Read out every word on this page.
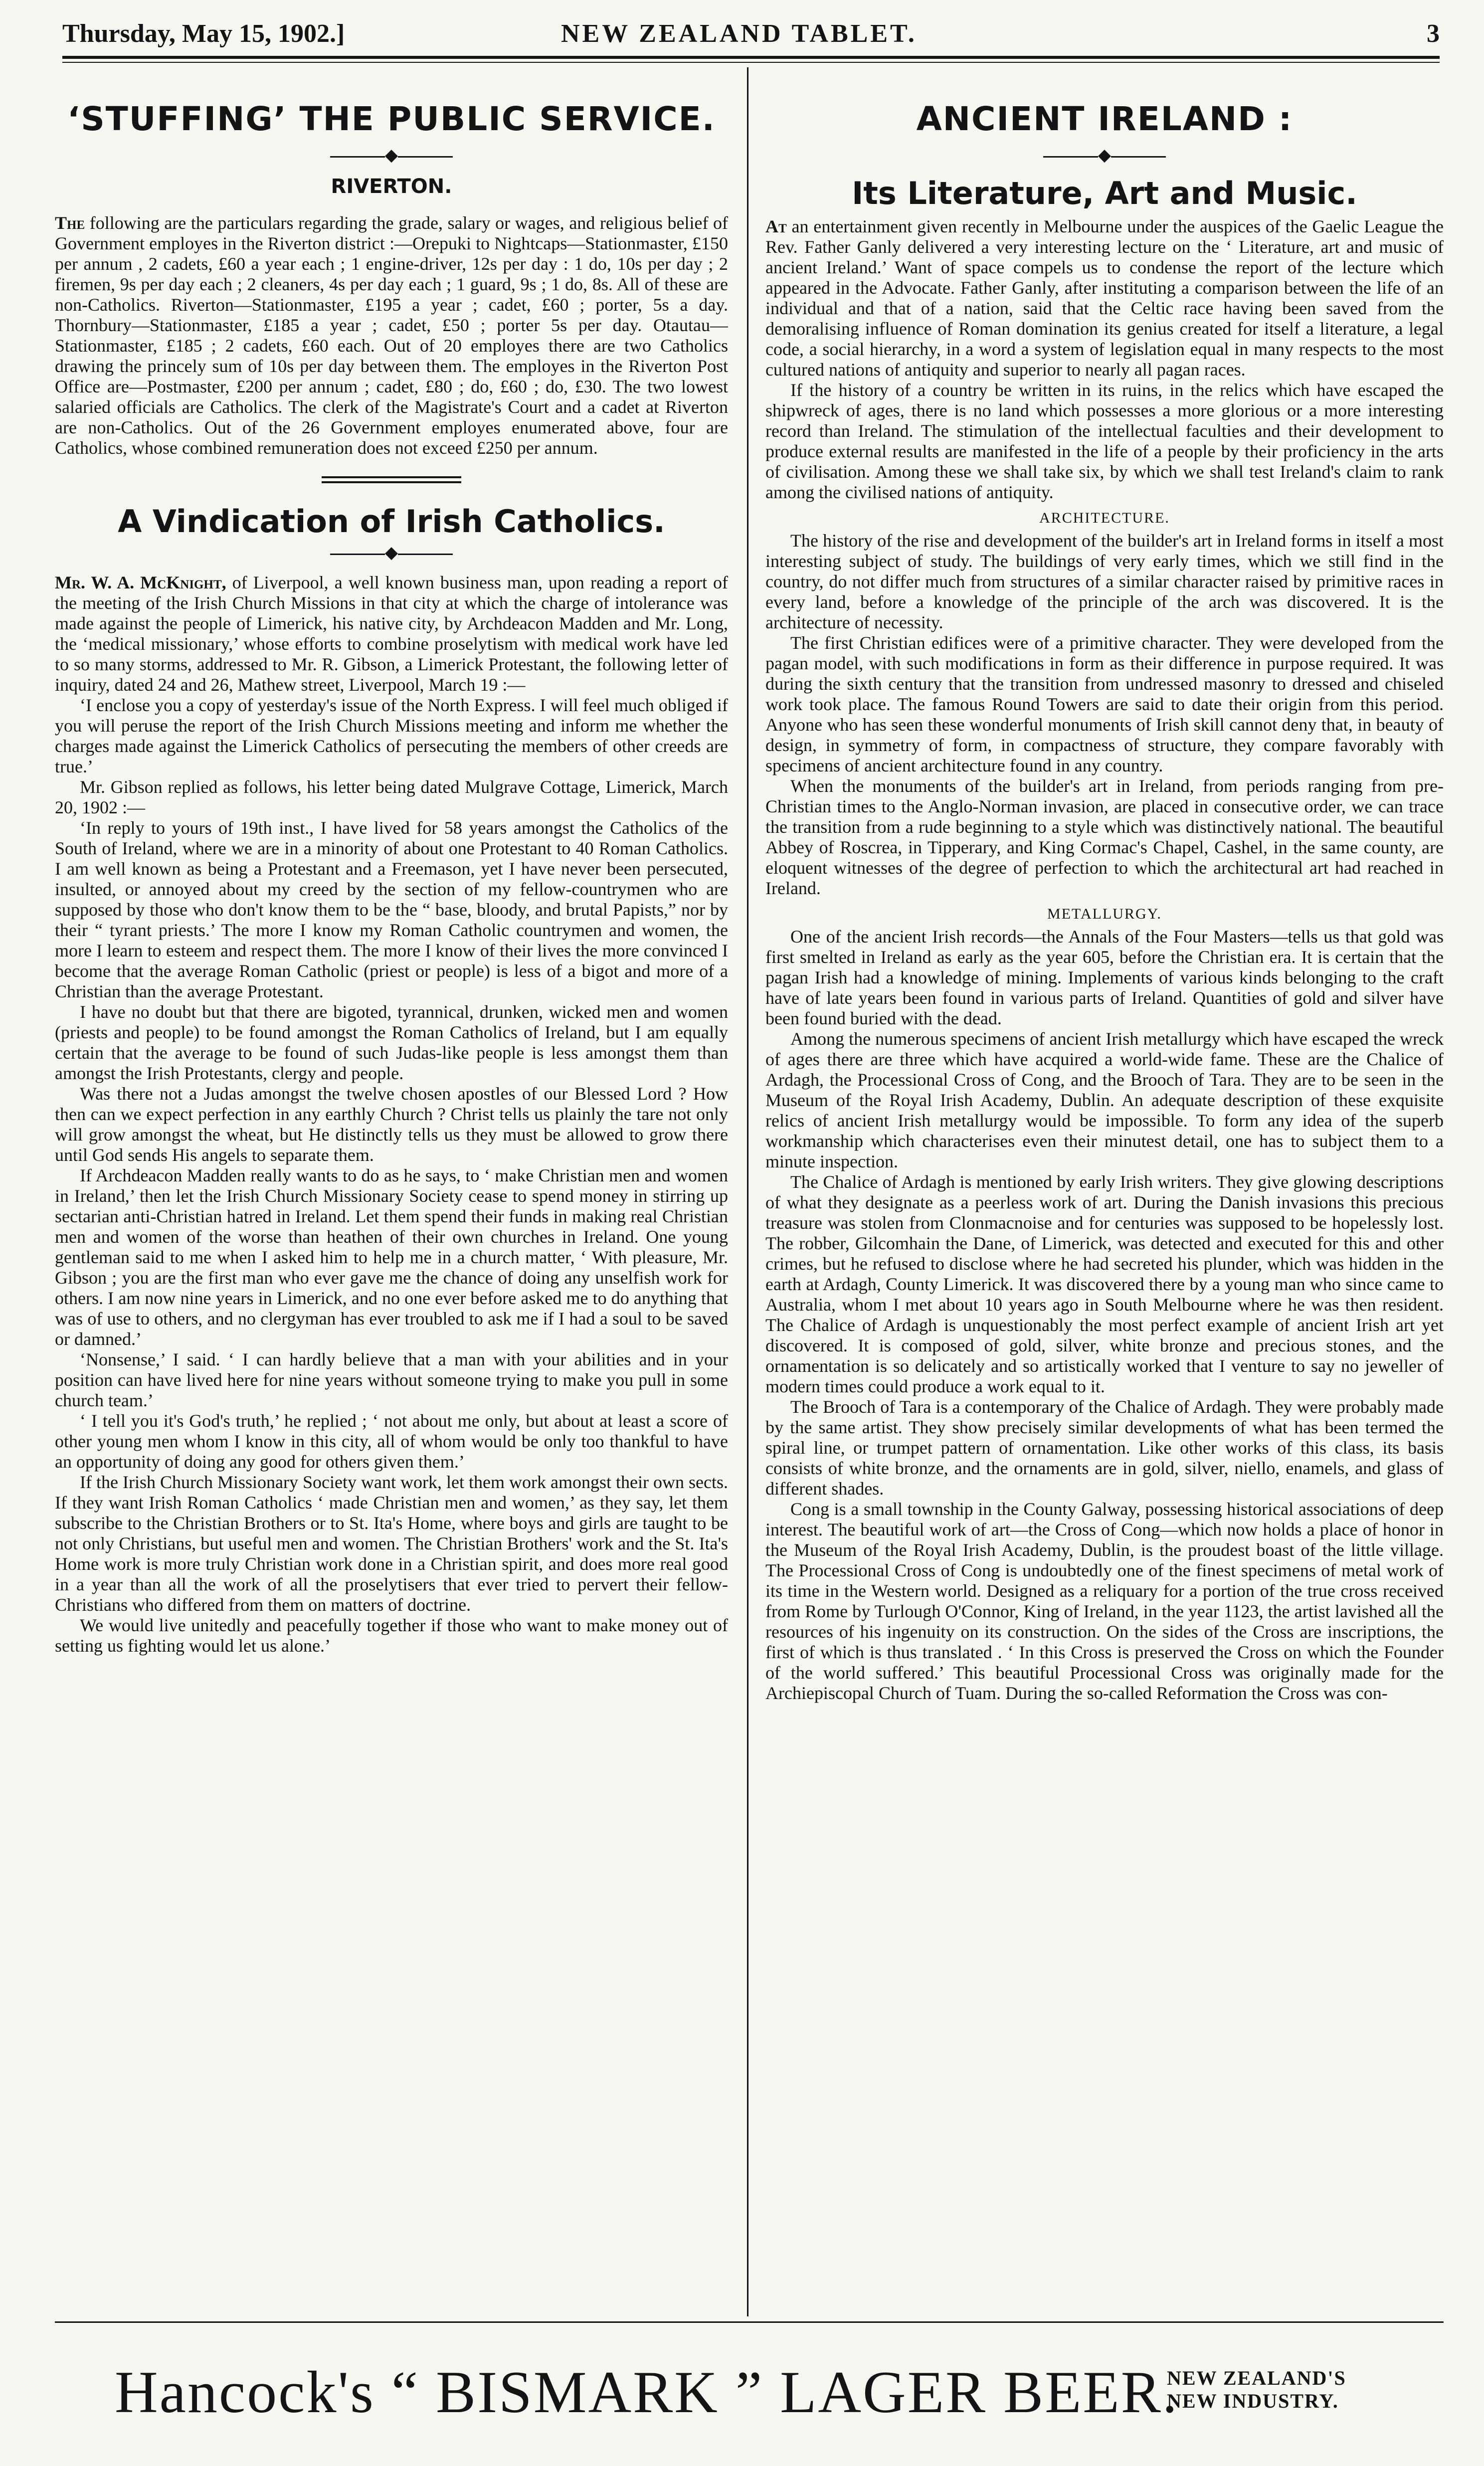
Thursday, May 15, 1902.]	NEW ZEALAND TABLET.	3
‘STUFFING’ THE PUBLIC SERVICE.
◆
RIVERTON.

The following are the particulars regarding the grade, salary or wages, and religious belief of Government employes in the Riverton district :—Orepuki to Nightcaps—Stationmaster, £150 per annum , 2 cadets, £60 a year each ; 1 engine-driver, 12s per day : 1 do, 10s per day ; 2 firemen, 9s per day each ; 2 cleaners, 4s per day each ; 1 guard, 9s ; 1 do, 8s. All of these are non-Catholics. Riverton—Stationmaster, £195 a year ; cadet, £60 ; porter, 5s a day. Thornbury—Stationmaster, £185 a year ; cadet, £50 ; porter 5s per day. Otautau—Stationmaster, £185 ; 2 cadets, £60 each. Out of 20 employes there are two Catholics drawing the princely sum of 10s per day between them. The employes in the Riverton Post Office are—Postmaster, £200 per annum ; cadet, £80 ; do, £60 ; do, £30. The two lowest salaried officials are Catholics. The clerk of the Magistrate's Court and a cadet at Riverton are non-Catholics. Out of the 26 Government employes enumerated above, four are Catholics, whose combined remuneration does not exceed £250 per annum.

A Vindication of Irish Catholics.
◆

Mr. W. A. McKnight, of Liverpool, a well known business man, upon reading a report of the meeting of the Irish Church Missions in that city at which the charge of intolerance was made against the people of Limerick, his native city, by Archdeacon Madden and Mr. Long, the ‘medical missionary,’ whose efforts to combine proselytism with medical work have led to so many storms, addressed to Mr. R. Gibson, a Limerick Protestant, the following letter of inquiry, dated 24 and 26, Mathew street, Liverpool, March 19 :—

‘I enclose you a copy of yesterday's issue of the North Express. I will feel much obliged if you will peruse the report of the Irish Church Missions meeting and inform me whether the charges made against the Limerick Catholics of persecuting the members of other creeds are true.’

Mr. Gibson replied as follows, his letter being dated Mulgrave Cottage, Limerick, March 20, 1902 :—

‘In reply to yours of 19th inst., I have lived for 58 years amongst the Catholics of the South of Ireland, where we are in a minority of about one Protestant to 40 Roman Catholics. I am well known as being a Protestant and a Freemason, yet I have never been persecuted, insulted, or annoyed about my creed by the section of my fellow-countrymen who are supposed by those who don't know them to be the “ base, bloody, and brutal Papists,” nor by their “ tyrant priests.’ The more I know my Roman Catholic countrymen and women, the more I learn to esteem and respect them. The more I know of their lives the more convinced I become that the average Roman Catholic (priest or people) is less of a bigot and more of a Christian than the average Protestant.

I have no doubt but that there are bigoted, tyrannical, drunken, wicked men and women (priests and people) to be found amongst the Roman Catholics of Ireland, but I am equally certain that the average to be found of such Judas-like people is less amongst them than amongst the Irish Protestants, clergy and people.

Was there not a Judas amongst the twelve chosen apostles of our Blessed Lord ? How then can we expect perfection in any earthly Church ? Christ tells us plainly the tare not only will grow amongst the wheat, but He distinctly tells us they must be allowed to grow there until God sends His angels to separate them.

If Archdeacon Madden really wants to do as he says, to ‘ make Christian men and women in Ireland,’ then let the Irish Church Missionary Society cease to spend money in stirring up sectarian anti-Christian hatred in Ireland. Let them spend their funds in making real Christian men and women of the worse than heathen of their own churches in Ireland. One young gentleman said to me when I asked him to help me in a church matter, ‘ With pleasure, Mr. Gibson ; you are the first man who ever gave me the chance of doing any unselfish work for others. I am now nine years in Limerick, and no one ever before asked me to do anything that was of use to others, and no clergyman has ever troubled to ask me if I had a soul to be saved or damned.’

‘Nonsense,’ I said. ‘ I can hardly believe that a man with your abilities and in your position can have lived here for nine years without someone trying to make you pull in some church team.’

‘ I tell you it's God's truth,’ he replied ; ‘ not about me only, but about at least a score of other young men whom I know in this city, all of whom would be only too thankful to have an opportunity of doing any good for others given them.’

If the Irish Church Missionary Society want work, let them work amongst their own sects. If they want Irish Roman Catholics ‘ made Christian men and women,’ as they say, let them subscribe to the Christian Brothers or to St. Ita's Home, where boys and girls are taught to be not only Christians, but useful men and women. The Christian Brothers' work and the St. Ita's Home work is more truly Christian work done in a Christian spirit, and does more real good in a year than all the work of all the proselytisers that ever tried to pervert their fellow-Christians who differed from them on matters of doctrine.

We would live unitedly and peacefully together if those who want to make money out of setting us fighting would let us alone.’

ANCIENT IRELAND :
◆
Its Literature, Art and Music.

At an entertainment given recently in Melbourne under the auspices of the Gaelic League the Rev. Father Ganly delivered a very interesting lecture on the ‘ Literature, art and music of ancient Ireland.’ Want of space compels us to condense the report of the lecture which appeared in the Advocate. Father Ganly, after instituting a comparison between the life of an individual and that of a nation, said that the Celtic race having been saved from the demoralising influence of Roman domination its genius created for itself a literature, a legal code, a social hierarchy, in a word a system of legislation equal in many respects to the most cultured nations of antiquity and superior to nearly all pagan races.

If the history of a country be written in its ruins, in the relics which have escaped the shipwreck of ages, there is no land which possesses a more glorious or a more interesting record than Ireland. The stimulation of the intellectual faculties and their development to produce external results are manifested in the life of a people by their proficiency in the arts of civilisation. Among these we shall take six, by which we shall test Ireland's claim to rank among the civilised nations of antiquity.

ARCHITECTURE.

The history of the rise and development of the builder's art in Ireland forms in itself a most interesting subject of study. The buildings of very early times, which we still find in the country, do not differ much from structures of a similar character raised by primitive races in every land, before a knowledge of the principle of the arch was discovered. It is the architecture of necessity.

The first Christian edifices were of a primitive character. They were developed from the pagan model, with such modifications in form as their difference in purpose required. It was during the sixth century that the transition from undressed masonry to dressed and chiseled work took place. The famous Round Towers are said to date their origin from this period. Anyone who has seen these wonderful monuments of Irish skill cannot deny that, in beauty of design, in symmetry of form, in compactness of structure, they compare favorably with specimens of ancient architecture found in any country.

When the monuments of the builder's art in Ireland, from periods ranging from pre-Christian times to the Anglo-Norman invasion, are placed in consecutive order, we can trace the transition from a rude beginning to a style which was distinctively national. The beautiful Abbey of Roscrea, in Tipperary, and King Cormac's Chapel, Cashel, in the same county, are eloquent witnesses of the degree of perfection to which the architectural art had reached in Ireland.

METALLURGY.

One of the ancient Irish records—the Annals of the Four Masters—tells us that gold was first smelted in Ireland as early as the year 605, before the Christian era. It is certain that the pagan Irish had a knowledge of mining. Implements of various kinds belonging to the craft have of late years been found in various parts of Ireland. Quantities of gold and silver have been found buried with the dead.

Among the numerous specimens of ancient Irish metallurgy which have escaped the wreck of ages there are three which have acquired a world-wide fame. These are the Chalice of Ardagh, the Processional Cross of Cong, and the Brooch of Tara. They are to be seen in the Museum of the Royal Irish Academy, Dublin. An adequate description of these exquisite relics of ancient Irish metallurgy would be impossible. To form any idea of the superb workmanship which characterises even their minutest detail, one has to subject them to a minute inspection.

The Chalice of Ardagh is mentioned by early Irish writers. They give glowing descriptions of what they designate as a peerless work of art. During the Danish invasions this precious treasure was stolen from Clonmacnoise and for centuries was supposed to be hopelessly lost. The robber, Gilcomhain the Dane, of Limerick, was detected and executed for this and other crimes, but he refused to disclose where he had secreted his plunder, which was hidden in the earth at Ardagh, County Limerick. It was discovered there by a young man who since came to Australia, whom I met about 10 years ago in South Melbourne where he was then resident. The Chalice of Ardagh is unquestionably the most perfect example of ancient Irish art yet discovered. It is composed of gold, silver, white bronze and precious stones, and the ornamentation is so delicately and so artistically worked that I venture to say no jeweller of modern times could produce a work equal to it.

The Brooch of Tara is a contemporary of the Chalice of Ardagh. They were probably made by the same artist. They show precisely similar developments of what has been termed the spiral line, or trumpet pattern of ornamentation. Like other works of this class, its basis consists of white bronze, and the ornaments are in gold, silver, niello, enamels, and glass of different shades.

Cong is a small township in the County Galway, possessing historical associations of deep interest. The beautiful work of art—the Cross of Cong—which now holds a place of honor in the Museum of the Royal Irish Academy, Dublin, is the proudest boast of the little village. The Processional Cross of Cong is undoubtedly one of the finest specimens of metal work of its time in the Western world. Designed as a reliquary for a portion of the true cross received from Rome by Turlough O'Connor, King of Ireland, in the year 1123, the artist lavished all the resources of his ingenuity on its construction. On the sides of the Cross are inscriptions, the first of which is thus translated . ‘ In this Cross is preserved the Cross on which the Founder of the world suffered.’ This beautiful Processional Cross was originally made for the Archiepiscopal Church of Tuam. During the so-called Reformation the Cross was con-

Hancock's “ BISMARK ” LAGER BEER.
NEW ZEALAND'S
NEW INDUSTRY.
